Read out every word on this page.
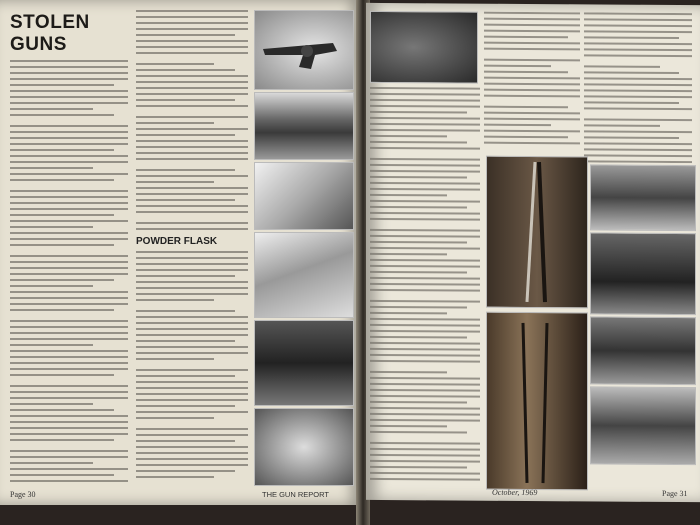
STOLEN GUNS
POWDER FLASK
Page 30	THE GUN REPORT	October, 1969	Page 31
